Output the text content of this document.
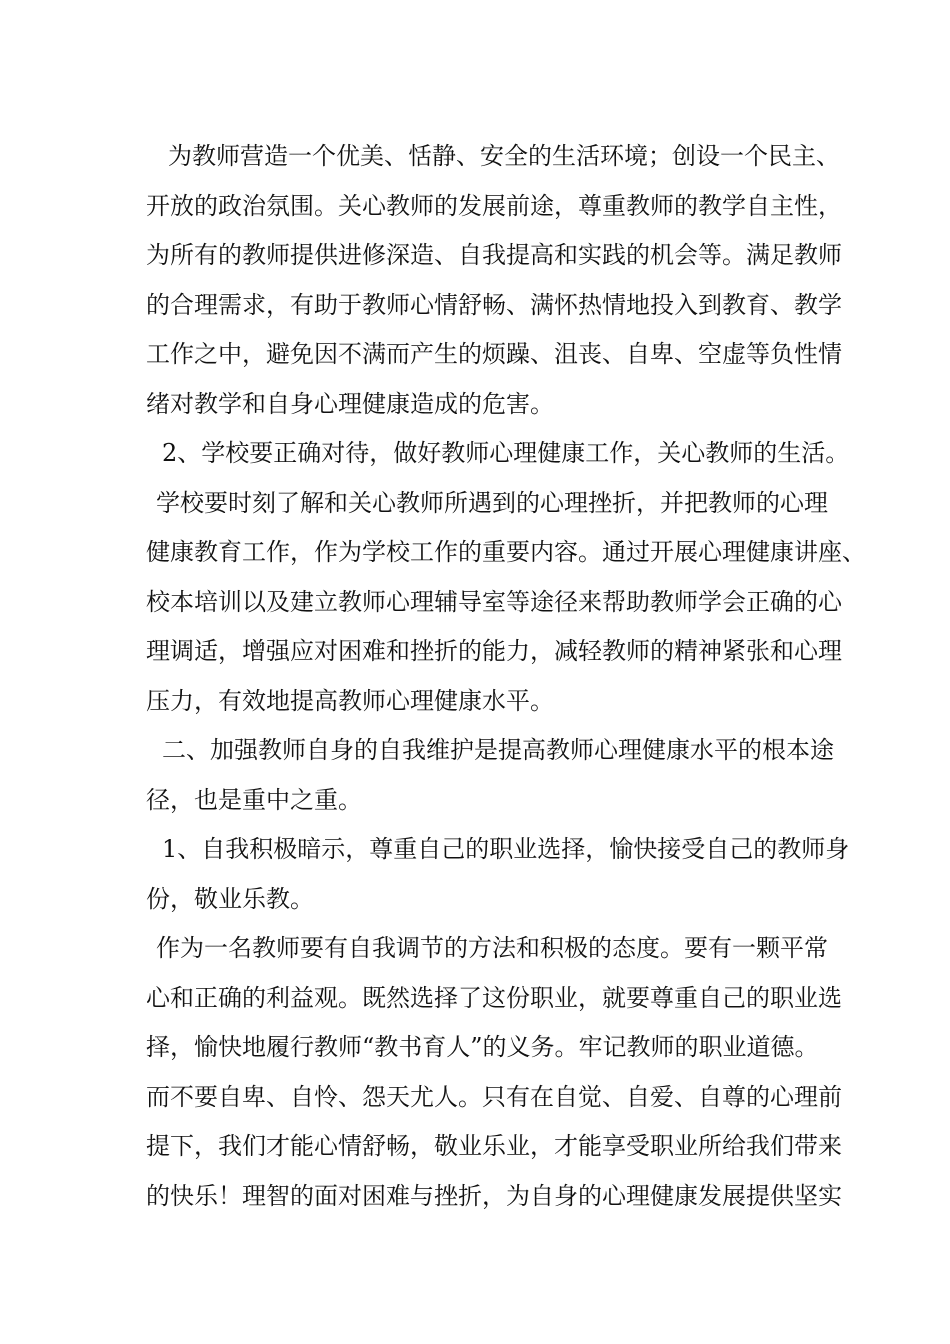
为教师营造一个优美、恬静、安全的生活环境；创设一个民主、
开放的政治氛围。关心教师的发展前途，尊重教师的教学自主性，
为所有的教师提供进修深造、自我提高和实践的机会等。满足教师
的合理需求，有助于教师心情舒畅、满怀热情地投入到教育、教学
工作之中，避免因不满而产生的烦躁、沮丧、自卑、空虚等负性情
绪对教学和自身心理健康造成的危害。
2、学校要正确对待，做好教师心理健康工作，关心教师的生活。
学校要时刻了解和关心教师所遇到的心理挫折，并把教师的心理
健康教育工作，作为学校工作的重要内容。通过开展心理健康讲座、
校本培训以及建立教师心理辅导室等途径来帮助教师学会正确的心
理调适，增强应对困难和挫折的能力，减轻教师的精神紧张和心理
压力，有效地提高教师心理健康水平。
二、加强教师自身的自我维护是提高教师心理健康水平的根本途
径，也是重中之重。
1、自我积极暗示，尊重自己的职业选择，愉快接受自己的教师身
份，敬业乐教。
作为一名教师要有自我调节的方法和积极的态度。要有一颗平常
心和正确的利益观。既然选择了这份职业，就要尊重自己的职业选
择，愉快地履行教师“教书育人”的义务。牢记教师的职业道德。
而不要自卑、自怜、怨天尤人。只有在自觉、自爱、自尊的心理前
提下，我们才能心情舒畅，敬业乐业，才能享受职业所给我们带来
的快乐！理智的面对困难与挫折，为自身的心理健康发展提供坚实
